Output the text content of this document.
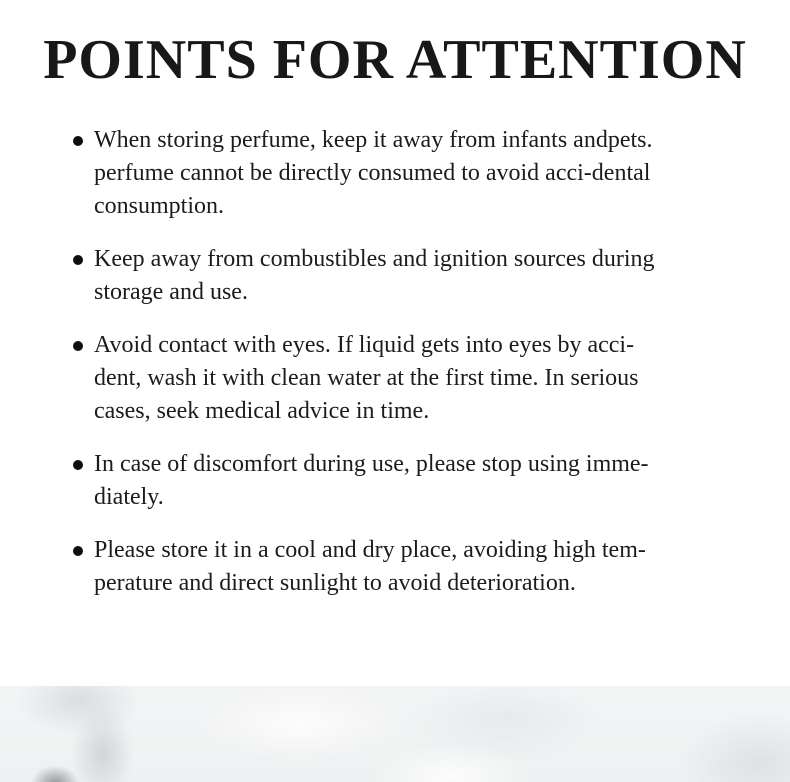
POINTS FOR ATTENTION
When storing perfume, keep it away from infants andpets.
perfume cannot be directly consumed to avoid acci-dental
consumption.
Keep away from combustibles and ignition sources during
storage and use.
Avoid contact with eyes. If liquid gets into eyes by acci-
dent, wash it with clean water at the first time. In serious
cases, seek medical advice in time.
In case of discomfort during use, please stop using imme-
diately.
Please store it in a cool and dry place, avoiding high tem-
perature and direct sunlight to avoid deterioration.
